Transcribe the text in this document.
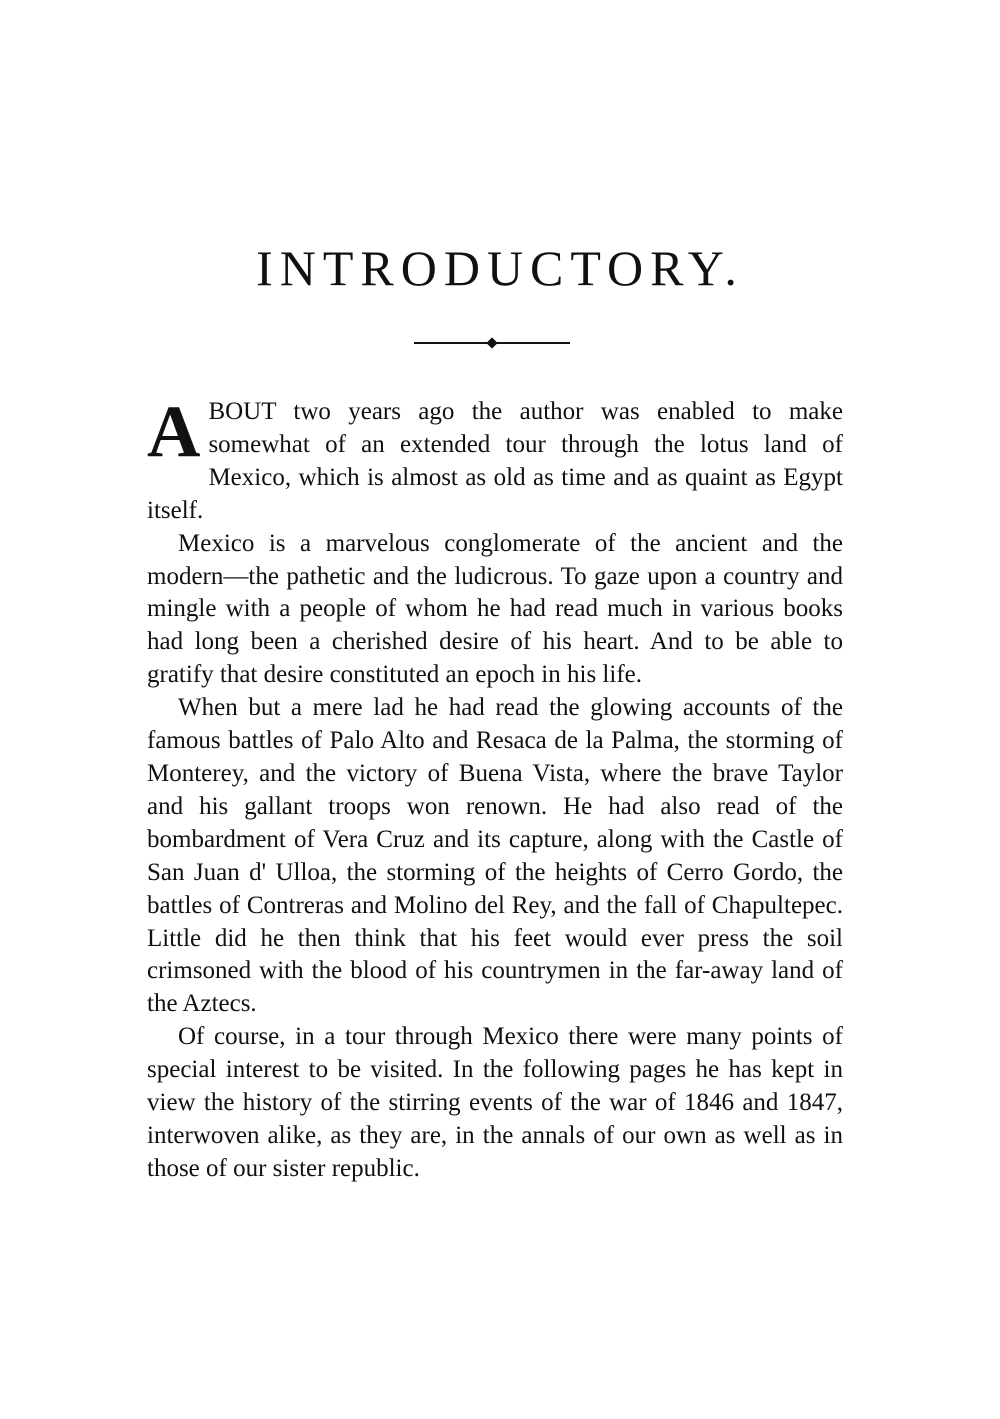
INTRODUCTORY.

ABOUT two years ago the author was enabled to make somewhat of an extended tour through the lotus land of Mexico, which is almost as old as time and as quaint as Egypt itself.

Mexico is a marvelous conglomerate of the ancient and the modern—the pathetic and the ludicrous. To gaze upon a country and mingle with a people of whom he had read much in various books had long been a cherished desire of his heart. And to be able to gratify that desire constituted an epoch in his life.

When but a mere lad he had read the glowing accounts of the famous battles of Palo Alto and Resaca de la Palma, the storming of Monterey, and the victory of Buena Vista, where the brave Taylor and his gallant troops won renown. He had also read of the bombardment of Vera Cruz and its capture, along with the Castle of San Juan d' Ulloa, the storming of the heights of Cerro Gordo, the battles of Contreras and Molino del Rey, and the fall of Chapultepec. Little did he then think that his feet would ever press the soil crimsoned with the blood of his countrymen in the far-away land of the Aztecs.

Of course, in a tour through Mexico there were many points of special interest to be visited. In the following pages he has kept in view the history of the stirring events of the war of 1846 and 1847, interwoven alike, as they are, in the annals of our own as well as in those of our sister republic.
